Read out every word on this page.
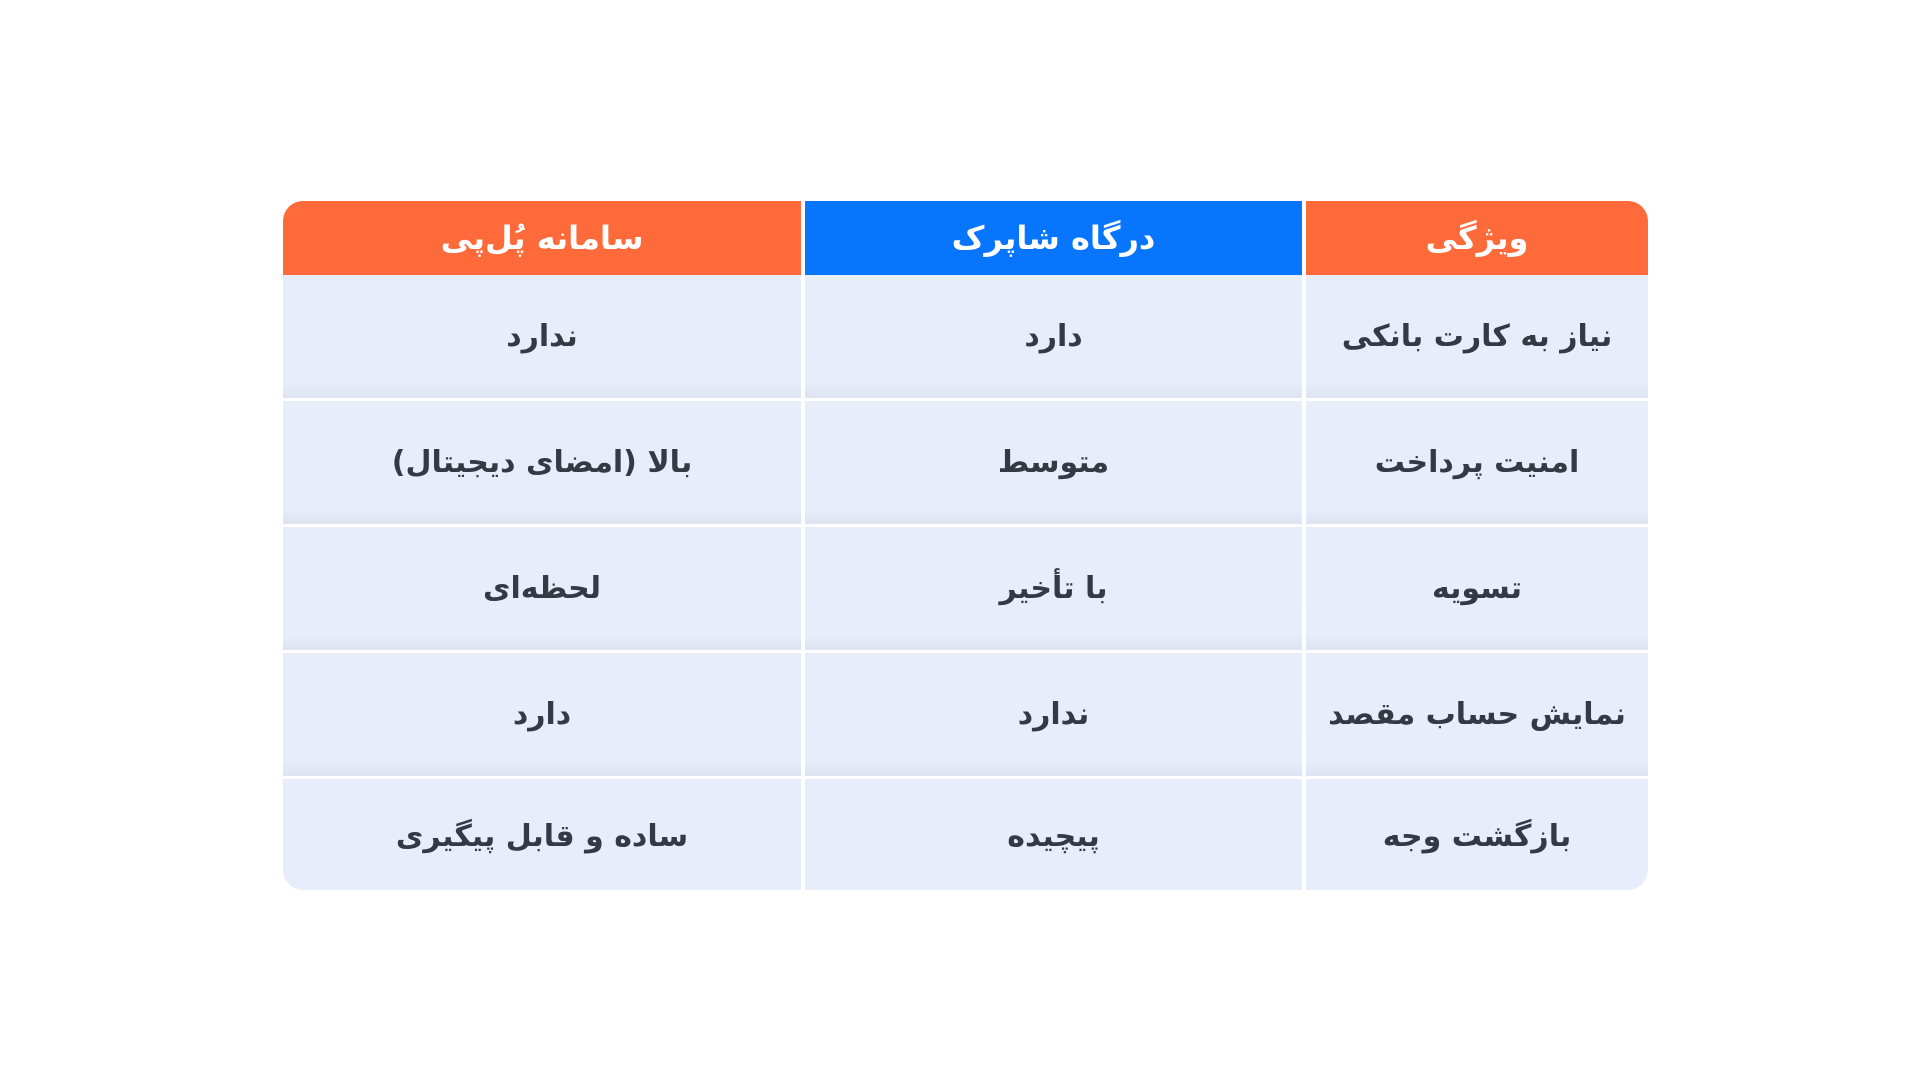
ویژگی
درگاه شاپرک
سامانه پُل‌پی
نیاز به کارت بانکی
دارد
ندارد
امنیت پرداخت
متوسط
بالا (امضای دیجیتال)
تسویه
با تأخیر
لحظه‌ای
نمایش حساب مقصد
ندارد
دارد
بازگشت وجه
پیچیده
ساده و قابل پیگیری
